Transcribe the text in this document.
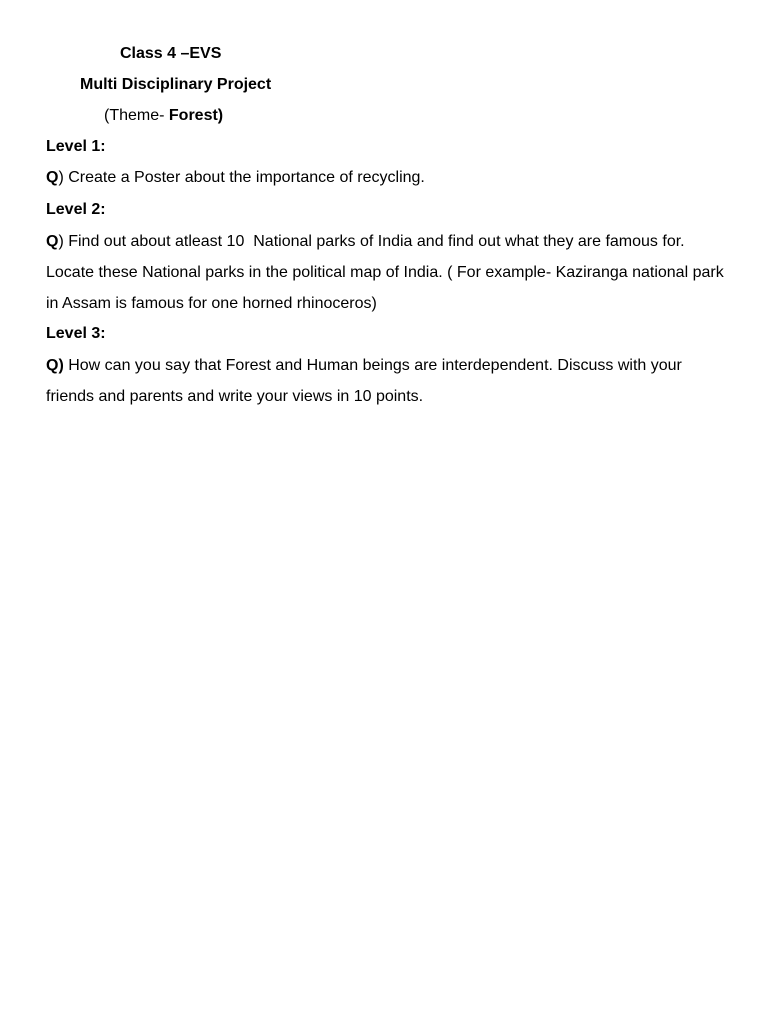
Class 4 –EVS
Multi Disciplinary Project
(Theme- Forest)
Level 1:
Q) Create a Poster about the importance of recycling.
Level 2:
Q) Find out about atleast 10  National parks of India and find out what they are famous for. Locate these National parks in the political map of India. ( For example- Kaziranga national park in Assam is famous for one horned rhinoceros)
Level 3:
Q) How can you say that Forest and Human beings are interdependent. Discuss with your friends and parents and write your views in 10 points.
